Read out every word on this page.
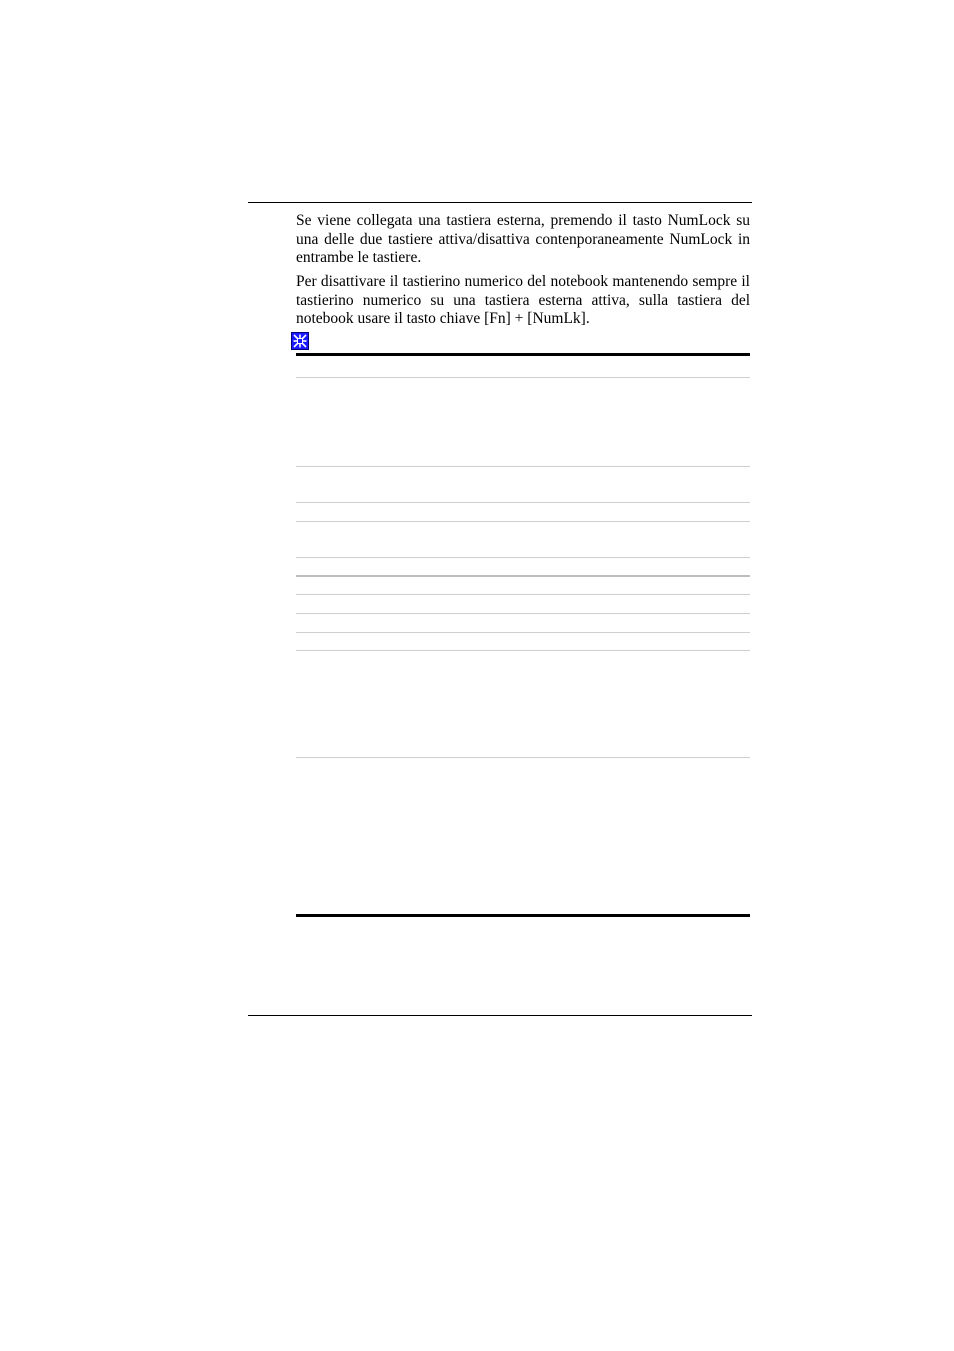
Se viene collegata una tastiera esterna, premendo il tasto NumLock su una delle due tastiere attiva/disattiva contenporaneamente NumLock in entrambe le tastiere.

Per disattivare il tastierino numerico del notebook mantenendo sempre il tastierino numerico su una tastiera esterna attiva, sulla tastiera del notebook usare il tasto chiave [Fn] + [NumLk].
